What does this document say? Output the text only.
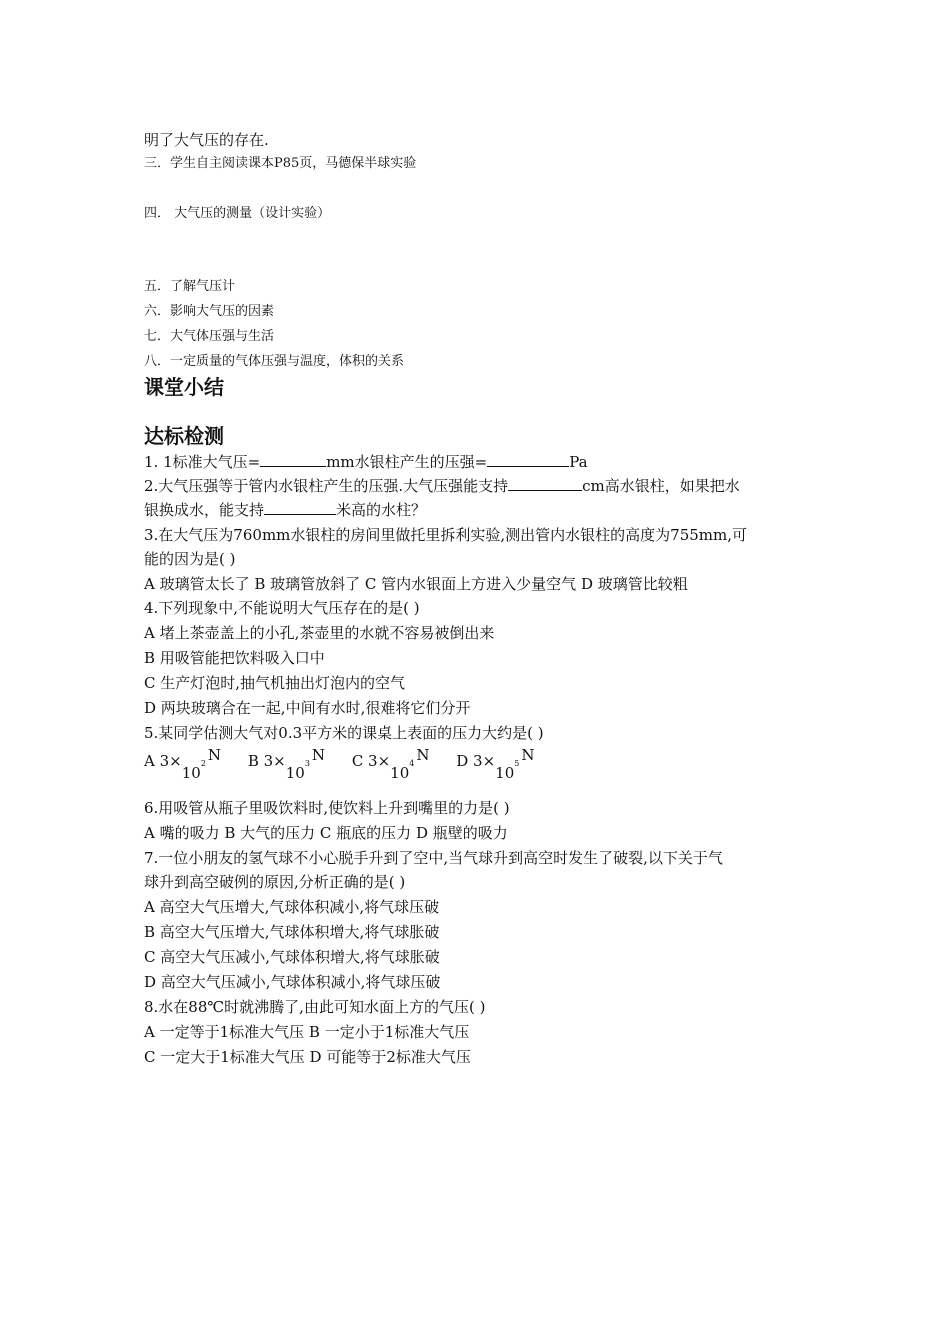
明了大气压的存在.
三．学生自主阅读课本P85页，马德保半球实验
四． 大气压的测量（设计实验）
五．了解气压计
六．影响大气压的因素
七．大气体压强与生活
八．一定质量的气体压强与温度，体积的关系
课堂小结
达标检测
1. 1标准大气压=	mm水银柱产生的压强=	Pa
2.大气压强等于管内水银柱产生的压强.大气压强能支持	cm高水银柱，如果把水
银换成水，能支持	米高的水柱？
3.在大气压为760mm水银柱的房间里做托里拆利实验,测出管内水银柱的高度为755mm,可
能的因为是( )
A 玻璃管太长了 B 玻璃管放斜了 C 管内水银面上方进入少量空气 D 玻璃管比较粗
4.下列现象中,不能说明大气压存在的是( )
A 堵上茶壶盖上的小孔,茶壶里的水就不容易被倒出来
B 用吸管能把饮料吸入口中
C 生产灯泡时,抽气机抽出灯泡内的空气
D 两块玻璃合在一起,中间有水时,很难将它们分开
5.某同学估测大气对0.3平方米的课桌上表面的压力大约是( )
A $3\times 10^2$ N B $3\times 10^3$ N C $3\times 10^4$ N D $3\times 10^5$ N
6.用吸管从瓶子里吸饮料时,使饮料上升到嘴里的力是( )
A 嘴的吸力 B 大气的压力 C 瓶底的压力 D 瓶壁的吸力
7.一位小朋友的氢气球不小心脱手升到了空中,当气球升到高空时发生了破裂,以下关于气
球升到高空破例的原因,分析正确的是( )
A 高空大气压增大,气球体积减小,将气球压破
B 高空大气压增大,气球体积增大,将气球胀破
C 高空大气压减小,气球体积增大,将气球胀破
D 高空大气压减小,气球体积减小,将气球压破
8.水在88℃时就沸腾了,由此可知水面上方的气压( )
A 一定等于1标准大气压 B 一定小于1标准大气压
C 一定大于1标准大气压 D 可能等于2标准大气压
